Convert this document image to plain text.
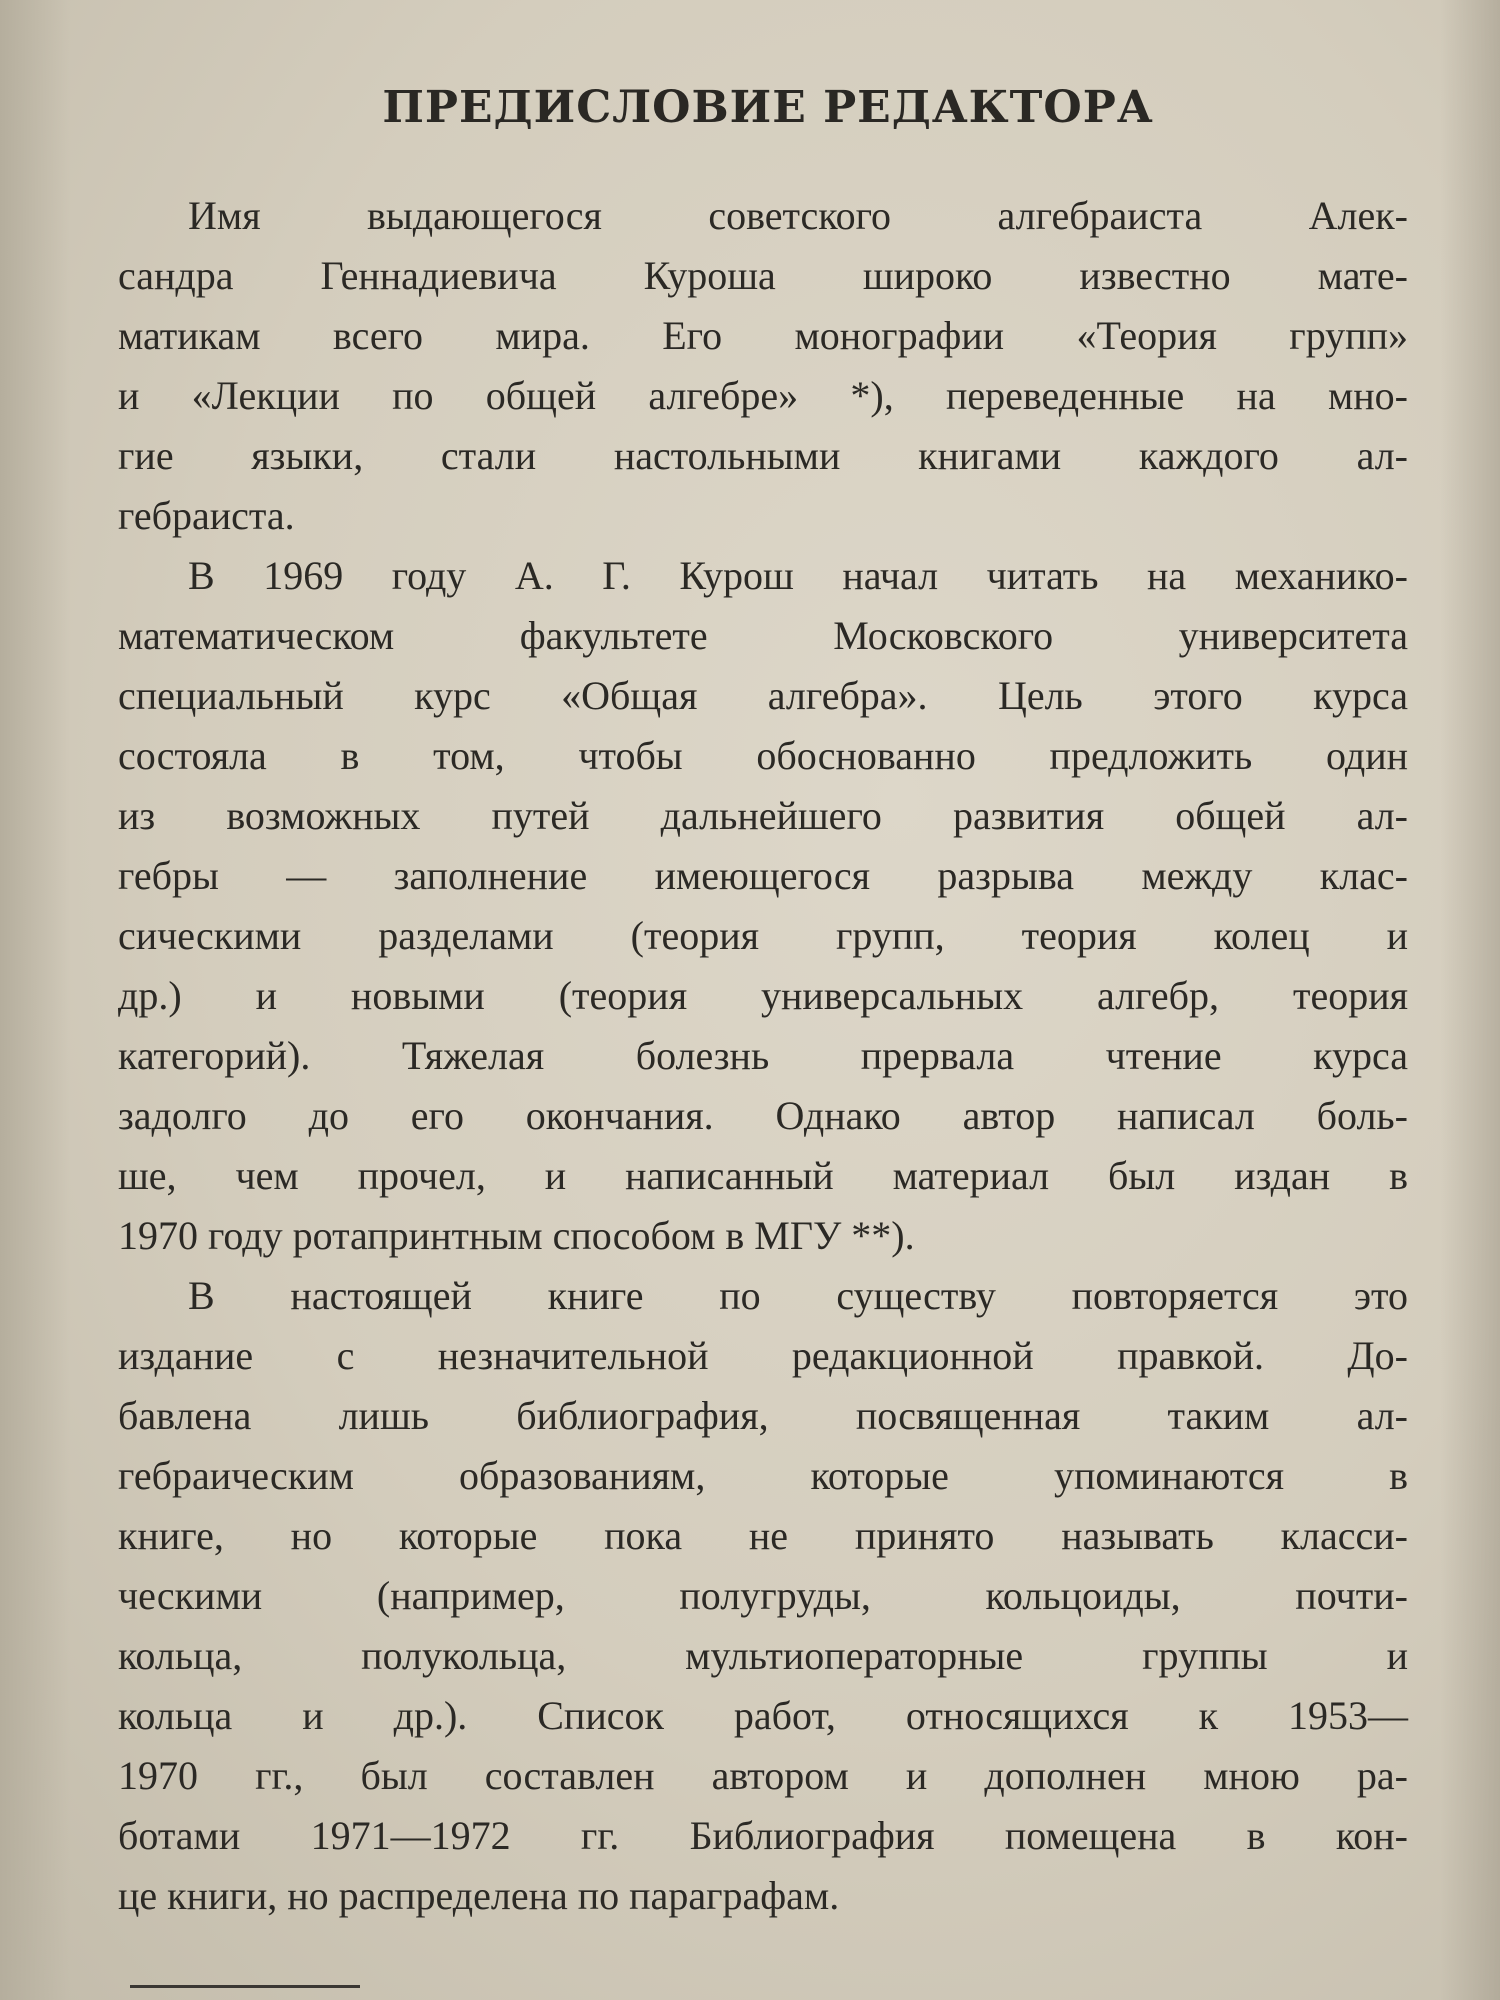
ПРЕДИСЛОВИЕ РЕДАКТОРА
Имя выдающегося советского алгебраиста Алек-
сандра Геннадиевича Куроша широко известно мате-
матикам всего мира. Его монографии «Теория групп»
и «Лекции по общей алгебре» *), переведенные на мно-
гие языки, стали настольными книгами каждого ал-
гебраиста.
В 1969 году А. Г. Курош начал читать на механико-
математическом факультете Московского университета
специальный курс «Общая алгебра». Цель этого курса
состояла в том, чтобы обоснованно предложить один
из возможных путей дальнейшего развития общей ал-
гебры — заполнение имеющегося разрыва между клас-
сическими разделами (теория групп, теория колец и
др.) и новыми (теория универсальных алгебр, теория
категорий). Тяжелая болезнь прервала чтение курса
задолго до его окончания. Однако автор написал боль-
ше, чем прочел, и написанный материал был издан в
1970 году ротапринтным способом в МГУ **).
В настоящей книге по существу повторяется это
издание с незначительной редакционной правкой. До-
бавлена лишь библиография, посвященная таким ал-
гебраическим образованиям, которые упоминаются в
книге, но которые пока не принято называть класси-
ческими (например, полугруды, кольцоиды, почти-
кольца, полукольца, мультиоператорные группы и
кольца и др.). Список работ, относящихся к 1953—
1970 гг., был составлен автором и дополнен мною ра-
ботами 1971—1972 гг. Библиография помещена в кон-
це книги, но распределена по параграфам.
